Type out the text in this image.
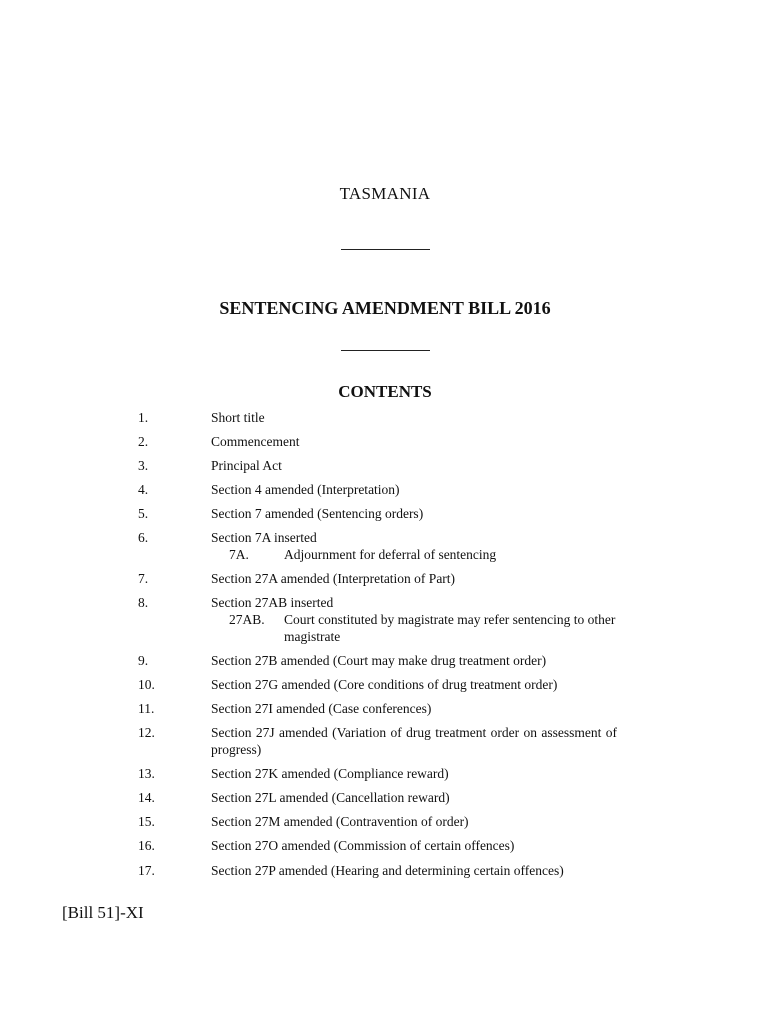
TASMANIA
SENTENCING AMENDMENT BILL 2016
CONTENTS
1.	Short title
2.	Commencement
3.	Principal Act
4.	Section 4 amended (Interpretation)
5.	Section 7 amended (Sentencing orders)
6.	Section 7A inserted
7A.	Adjournment for deferral of sentencing
7.	Section 27A amended (Interpretation of Part)
8.	Section 27AB inserted
27AB. Court constituted by magistrate may refer sentencing to other magistrate
9.	Section 27B amended (Court may make drug treatment order)
10.	Section 27G amended (Core conditions of drug treatment order)
11.	Section 27I amended (Case conferences)
12.	Section 27J amended (Variation of drug treatment order on assessment of progress)
13.	Section 27K amended (Compliance reward)
14.	Section 27L amended (Cancellation reward)
15.	Section 27M amended (Contravention of order)
16.	Section 27O amended (Commission of certain offences)
17.	Section 27P amended (Hearing and determining certain offences)
[Bill 51]-XI
